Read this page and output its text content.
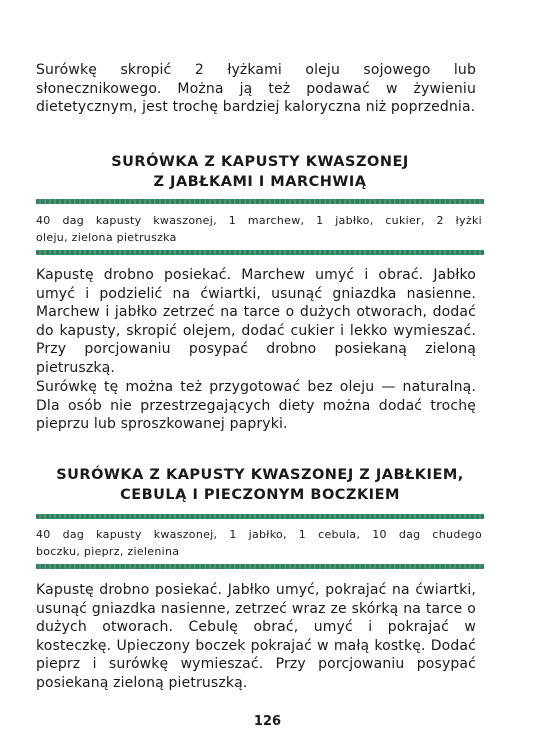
Surówkę skropić 2 łyżkami oleju sojowego lub słonecznikowego. Można ją też podawać w żywieniu dietetycznym, jest trochę bardziej kaloryczna niż poprzednia.

SURÓWKA Z KAPUSTY KWASZONEJ
Z JABŁKAMI I MARCHWIĄ
40 dag kapusty kwaszonej, 1 marchew, 1 jabłko, cukier, 2 łyżki
oleju, zielona pietruszka

Kapustę drobno posiekać. Marchew umyć i obrać. Jabłko umyć i podzielić na ćwiartki, usunąć gniazdka nasienne. Marchew i jabłko zetrzeć na tarce o dużych otworach, dodać do kapusty, skropić olejem, dodać cukier i lekko wymieszać. Przy porcjowaniu posypać drobno posiekaną zieloną pietruszką.

Surówkę tę można też przygotować bez oleju — naturalną. Dla osób nie przestrzegających diety można dodać trochę pieprzu lub sproszkowanej papryki.

SURÓWKA Z KAPUSTY KWASZONEJ Z JABŁKIEM,
CEBULĄ I PIECZONYM BOCZKIEM
40 dag kapusty kwaszonej, 1 jabłko, 1 cebula, 10 dag chudego
boczku, pieprz, zielenina

Kapustę drobno posiekać. Jabłko umyć, pokrajać na ćwiartki, usunąć gniazdka nasienne, zetrzeć wraz ze skórką na tarce o dużych otworach. Cebulę obrać, umyć i pokrajać w kosteczkę. Upieczony boczek pokrajać w małą kostkę. Dodać pieprz i surówkę wymieszać. Przy porcjowaniu posypać posiekaną zieloną pietruszką.

126
